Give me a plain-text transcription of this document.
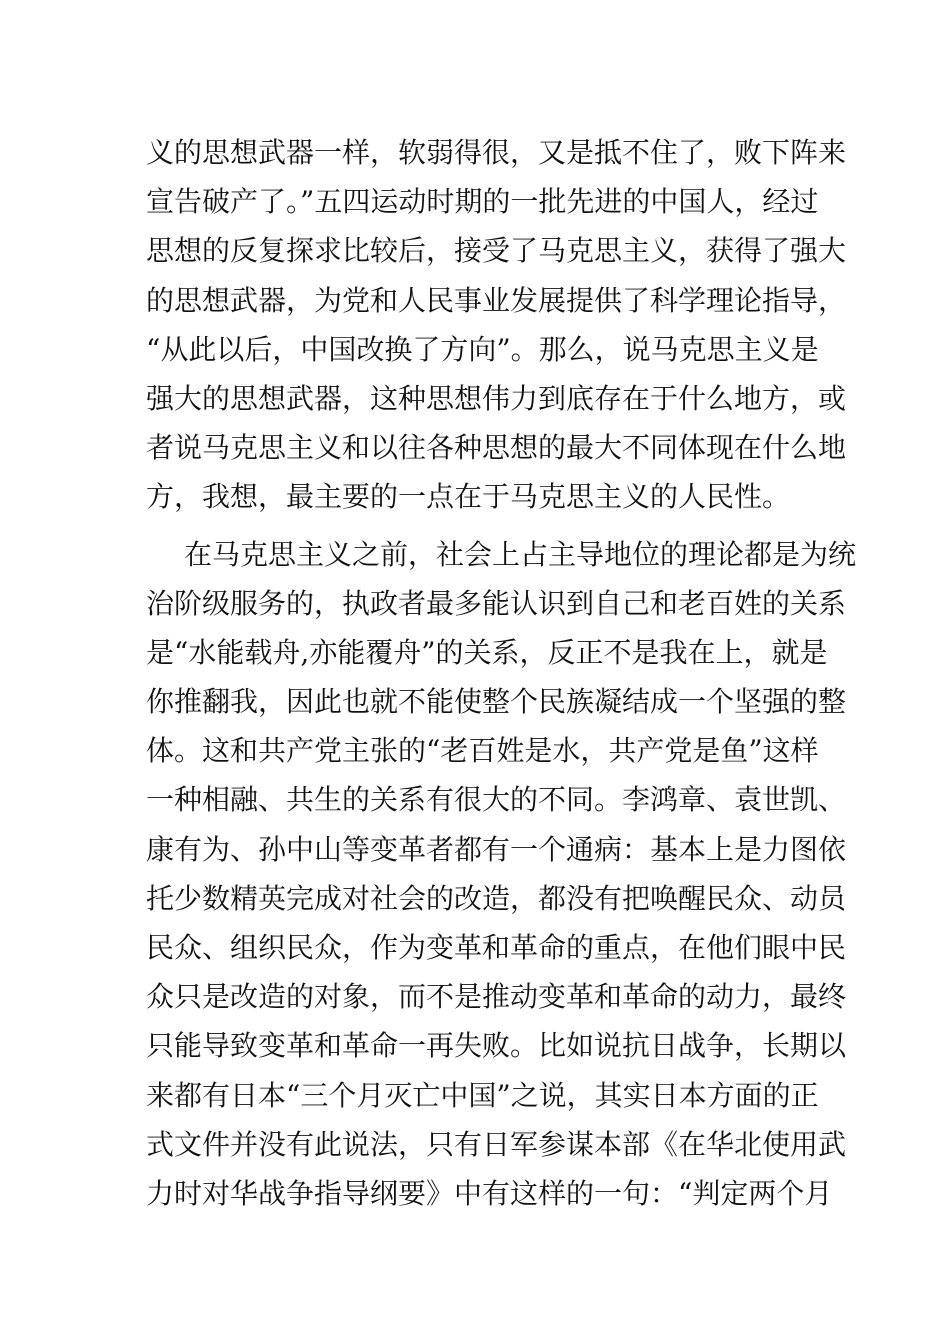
义的思想武器一样，软弱得很，又是抵不住了，败下阵来
宣告破产了。”五四运动时期的一批先进的中国人，经过
思想的反复探求比较后，接受了马克思主义，获得了强大
的思想武器，为党和人民事业发展提供了科学理论指导，
“从此以后，中国改换了方向”。那么，说马克思主义是
强大的思想武器，这种思想伟力到底存在于什么地方，或
者说马克思主义和以往各种思想的最大不同体现在什么地
方，我想，最主要的一点在于马克思主义的人民性。
在马克思主义之前，社会上占主导地位的理论都是为统
治阶级服务的，执政者最多能认识到自己和老百姓的关系
是“水能载舟,亦能覆舟”的关系，反正不是我在上，就是
你推翻我，因此也就不能使整个民族凝结成一个坚强的整
体。这和共产党主张的“老百姓是水，共产党是鱼”这样
一种相融、共生的关系有很大的不同。李鸿章、袁世凯、
康有为、孙中山等变革者都有一个通病：基本上是力图依
托少数精英完成对社会的改造，都没有把唤醒民众、动员
民众、组织民众，作为变革和革命的重点，在他们眼中民
众只是改造的对象，而不是推动变革和革命的动力，最终
只能导致变革和革命一再失败。比如说抗日战争，长期以
来都有日本“三个月灭亡中国”之说，其实日本方面的正
式文件并没有此说法，只有日军参谋本部《在华北使用武
力时对华战争指导纲要》中有这样的一句：“判定两个月
